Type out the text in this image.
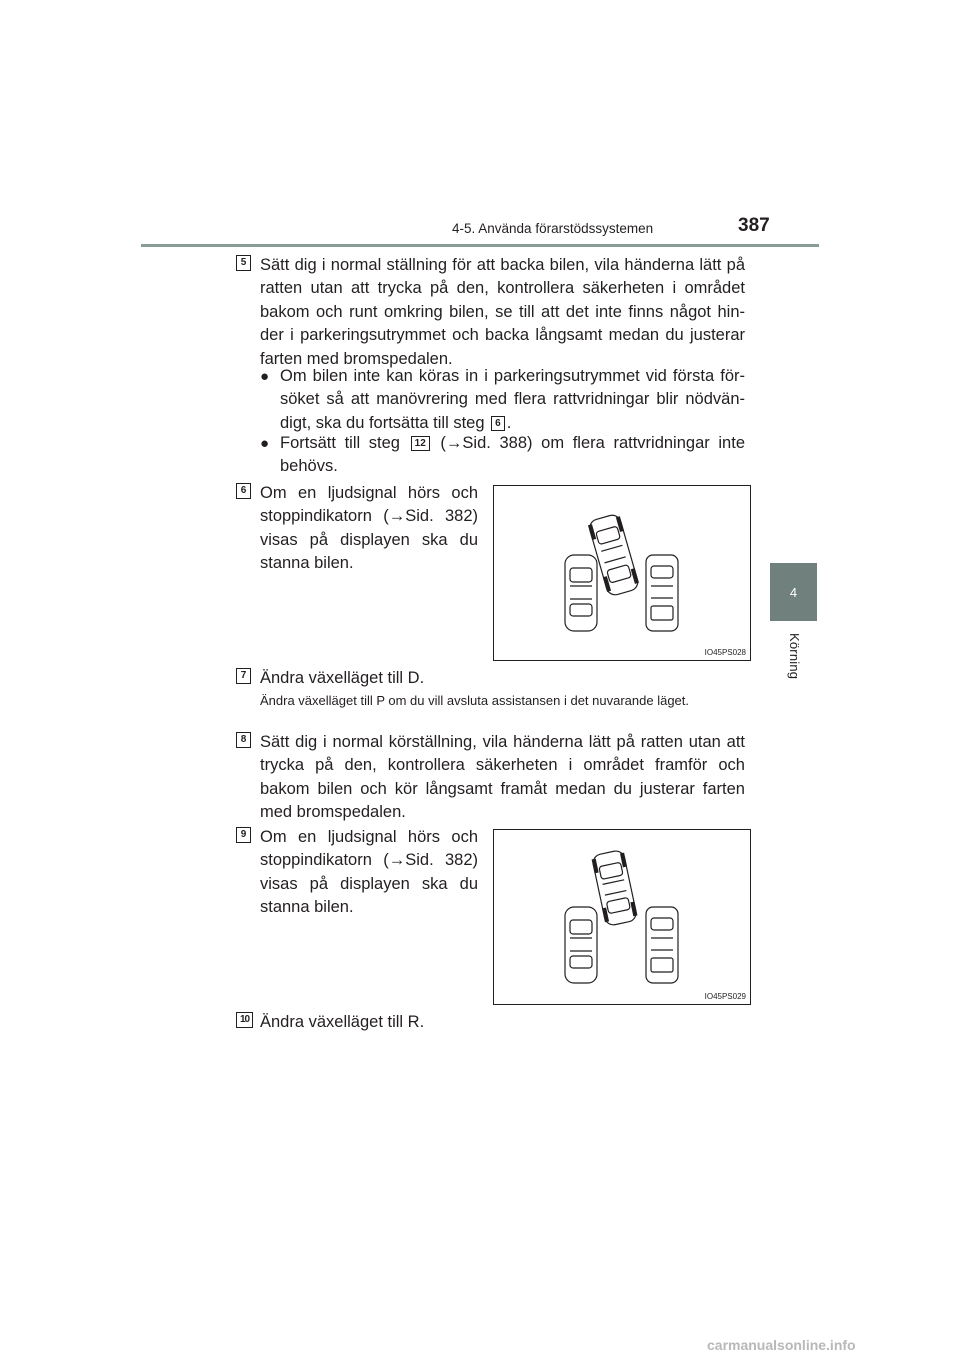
4-5. Använda förarstödssystemen	387
4
Körning
5 Sätt dig i normal ställning för att backa bilen, vila händerna lätt på ratten utan att trycka på den, kontrollera säkerheten i området bakom och runt omkring bilen, se till att det inte finns något hin-der i parkeringsutrymmet och backa långsamt medan du justerar farten med bromspedalen.
● Om bilen inte kan köras in i parkeringsutrymmet vid första för-söket så att manövrering med flera rattvridningar blir nödvän-digt, ska du fortsätta till steg 6 .
● Fortsätt till steg 12 (→Sid. 388) om flera rattvridningar inte behövs.
6 Om en ljudsignal hörs och stoppindikatorn (→Sid. 382) visas på displayen ska du stanna bilen.
IO45PS028
7 Ändra växelläget till D.
Ändra växelläget till P om du vill avsluta assistansen i det nuvarande läget.
8 Sätt dig i normal körställning, vila händerna lätt på ratten utan att trycka på den, kontrollera säkerheten i området framför och bakom bilen och kör långsamt framåt medan du justerar farten med bromspedalen.
9 Om en ljudsignal hörs och stoppindikatorn (→Sid. 382) visas på displayen ska du stanna bilen.
IO45PS029
10 Ändra växelläget till R.
carmanualsonline.info
